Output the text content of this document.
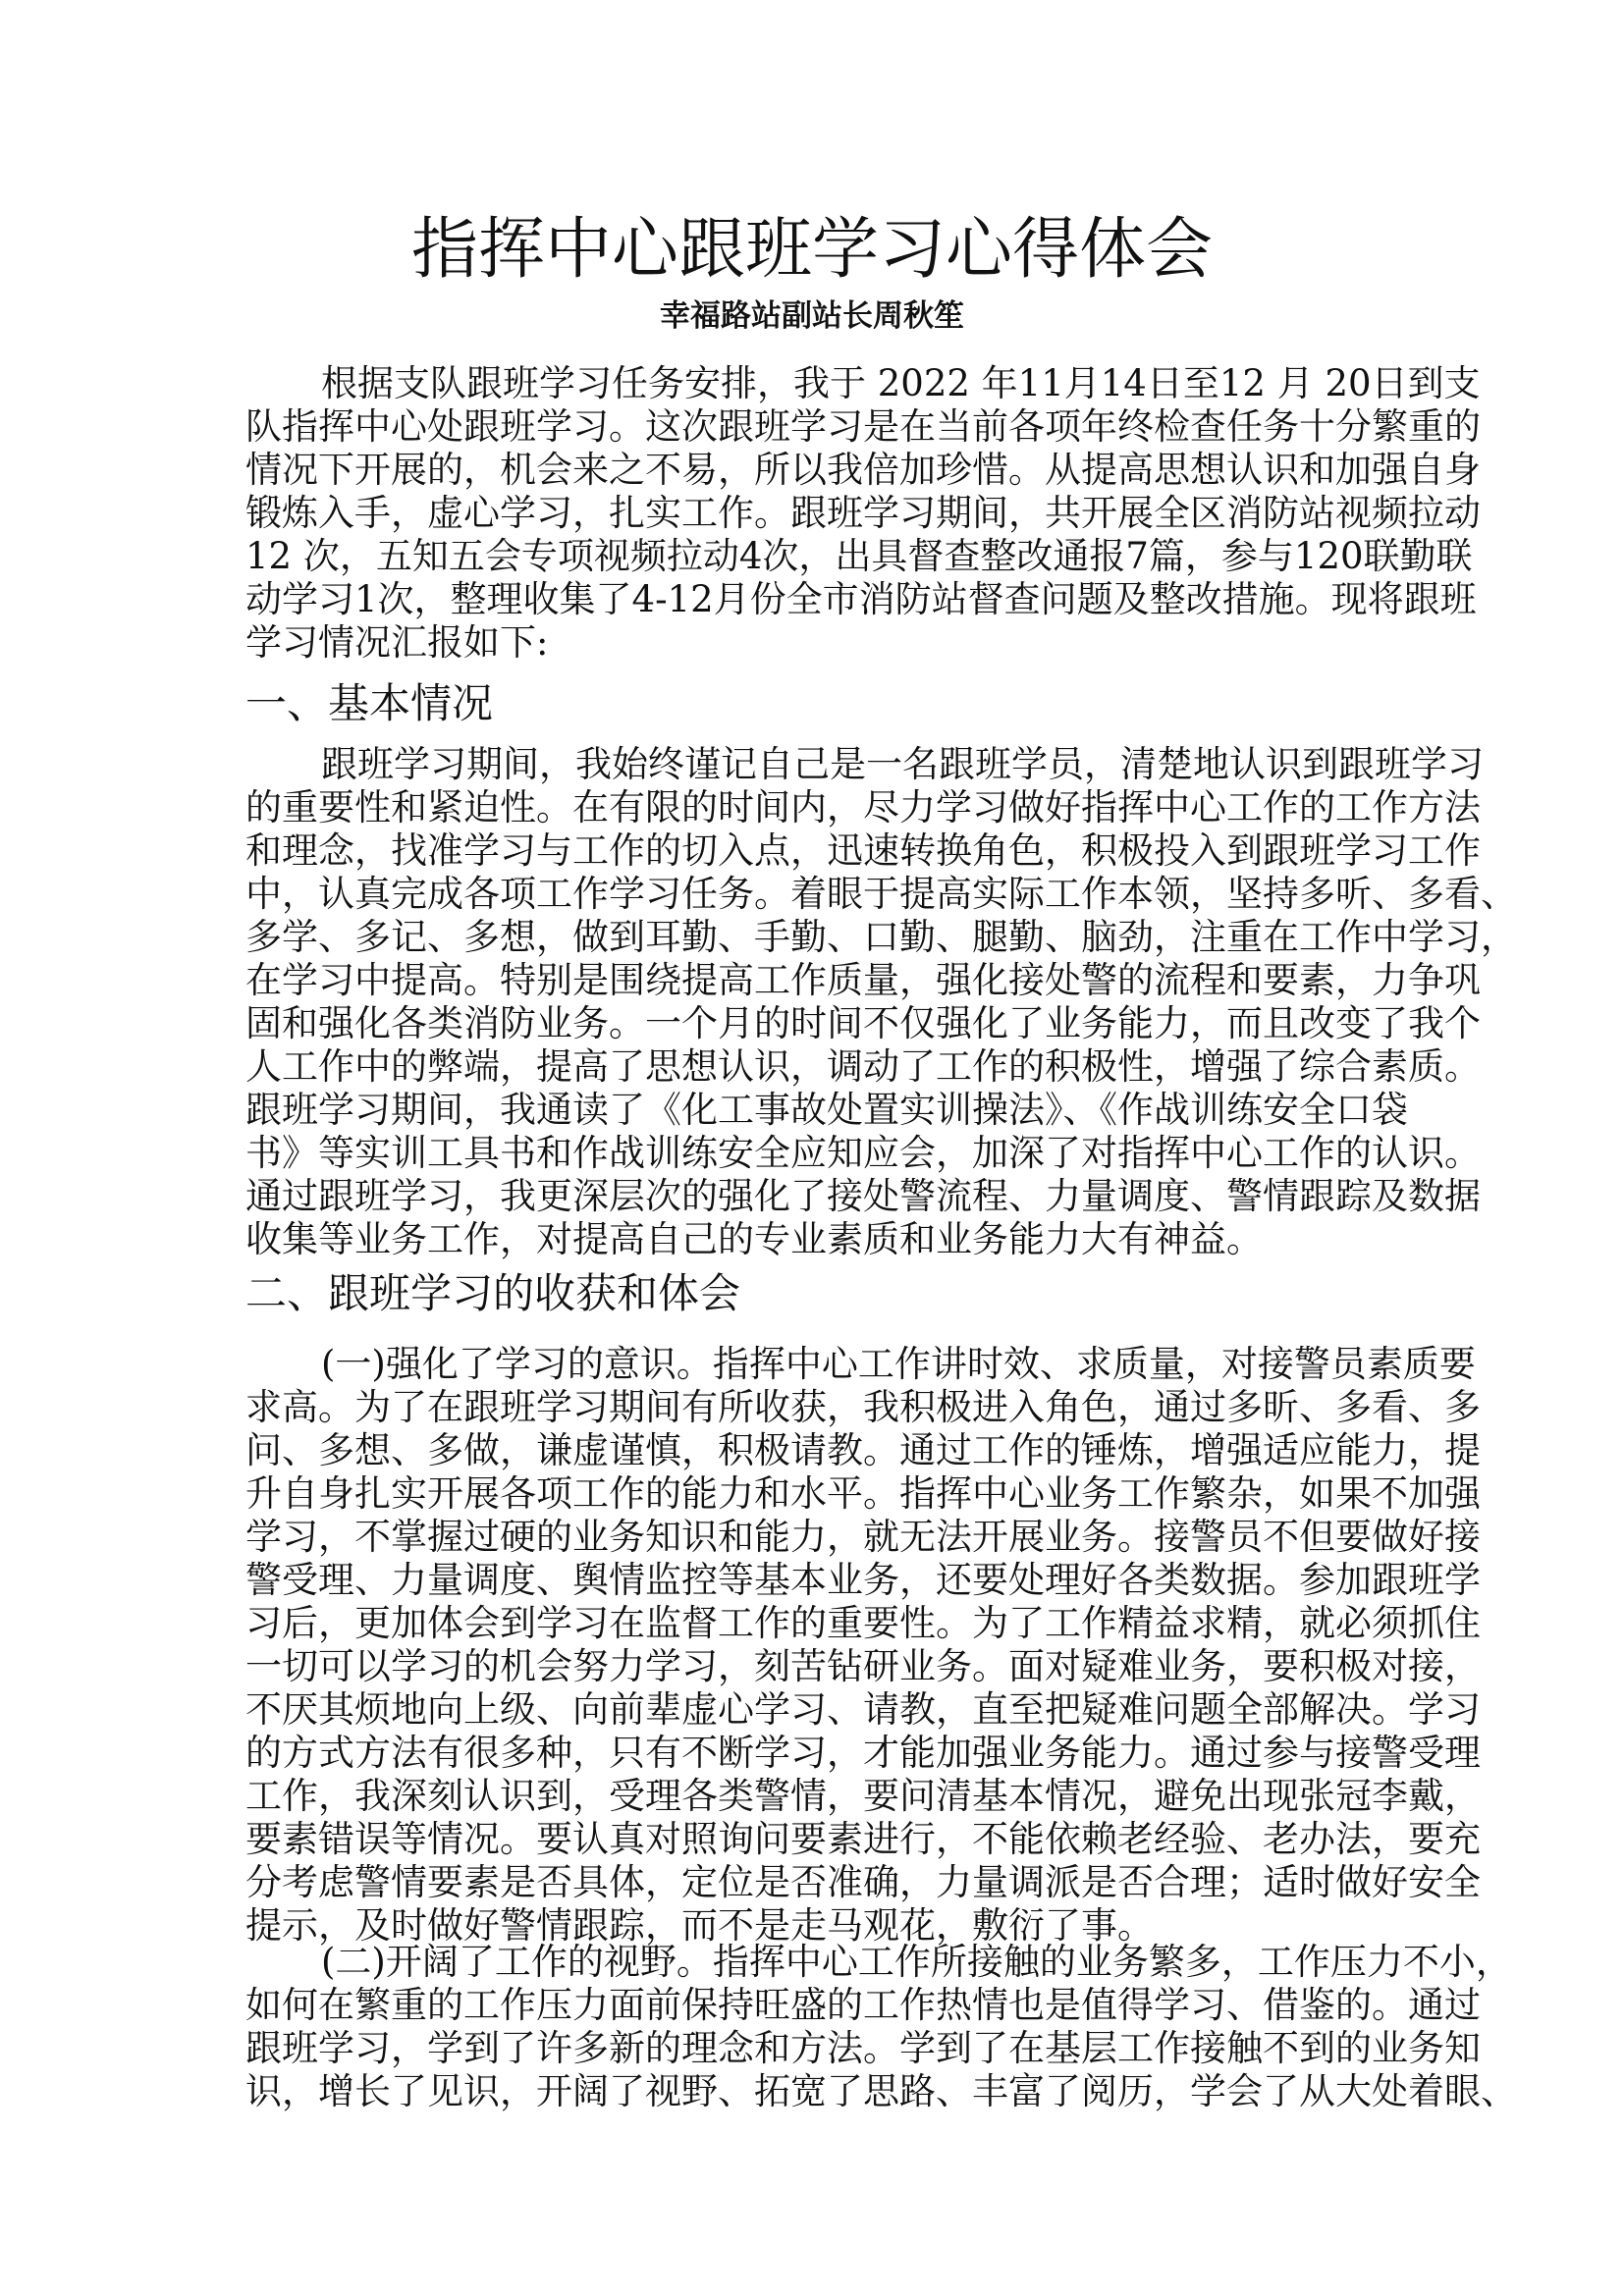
指挥中心跟班学习心得体会
幸福路站副站长周秋笙
根据支队跟班学习任务安排，我于 2022 年11月14日至12 月 20日到支
队指挥中心处跟班学习。这次跟班学习是在当前各项年终检查任务十分繁重的
情况下开展的，机会来之不易，所以我倍加珍惜。从提高思想认识和加强自身
锻炼入手，虚心学习，扎实工作。跟班学习期间，共开展全区消防站视频拉动
12 次，五知五会专项视频拉动4次，出具督查整改通报7篇，参与120联勤联
动学习1次，整理收集了4-12月份全市消防站督查问题及整改措施。现将跟班
学习情况汇报如下:
一、基本情况
跟班学习期间，我始终谨记自己是一名跟班学员，清楚地认识到跟班学习
的重要性和紧迫性。在有限的时间内，尽力学习做好指挥中心工作的工作方法
和理念，找准学习与工作的切入点，迅速转换角色，积极投入到跟班学习工作
中，认真完成各项工作学习任务。着眼于提高实际工作本领，坚持多听、多看、
多学、多记、多想，做到耳勤、手勤、口勤、腿勤、脑劲，注重在工作中学习，
在学习中提高。特别是围绕提高工作质量，强化接处警的流程和要素，力争巩
固和强化各类消防业务。一个月的时间不仅强化了业务能力，而且改变了我个
人工作中的弊端，提高了思想认识，调动了工作的积极性，增强了综合素质。
跟班学习期间，我通读了《化工事故处置实训操法》、《作战训练安全口袋
书》等实训工具书和作战训练安全应知应会，加深了对指挥中心工作的认识。
通过跟班学习，我更深层次的强化了接处警流程、力量调度、警情跟踪及数据
收集等业务工作，对提高自己的专业素质和业务能力大有神益。
二、跟班学习的收获和体会
(一)强化了学习的意识。指挥中心工作讲时效、求质量，对接警员素质要
求高。为了在跟班学习期间有所收获，我积极进入角色，通过多昕、多看、多
问、多想、多做，谦虚谨慎，积极请教。通过工作的锤炼，增强适应能力，提
升自身扎实开展各项工作的能力和水平。指挥中心业务工作繁杂，如果不加强
学习，不掌握过硬的业务知识和能力，就无法开展业务。接警员不但要做好接
警受理、力量调度、舆情监控等基本业务，还要处理好各类数据。参加跟班学
习后，更加体会到学习在监督工作的重要性。为了工作精益求精，就必须抓住
一切可以学习的机会努力学习，刻苦钻研业务。面对疑难业务，要积极对接，
不厌其烦地向上级、向前辈虚心学习、请教，直至把疑难问题全部解决。学习
的方式方法有很多种，只有不断学习，才能加强业务能力。通过参与接警受理
工作，我深刻认识到，受理各类警情，要问清基本情况，避免出现张冠李戴，
要素错误等情况。要认真对照询问要素进行，不能依赖老经验、老办法，要充
分考虑警情要素是否具体，定位是否准确，力量调派是否合理；适时做好安全
提示，及时做好警情跟踪，而不是走马观花，敷衍了事。
(二)开阔了工作的视野。指挥中心工作所接触的业务繁多，工作压力不小，
如何在繁重的工作压力面前保持旺盛的工作热情也是值得学习、借鉴的。通过
跟班学习，学到了许多新的理念和方法。学到了在基层工作接触不到的业务知
识，增长了见识，开阔了视野、拓宽了思路、丰富了阅历，学会了从大处着眼、
